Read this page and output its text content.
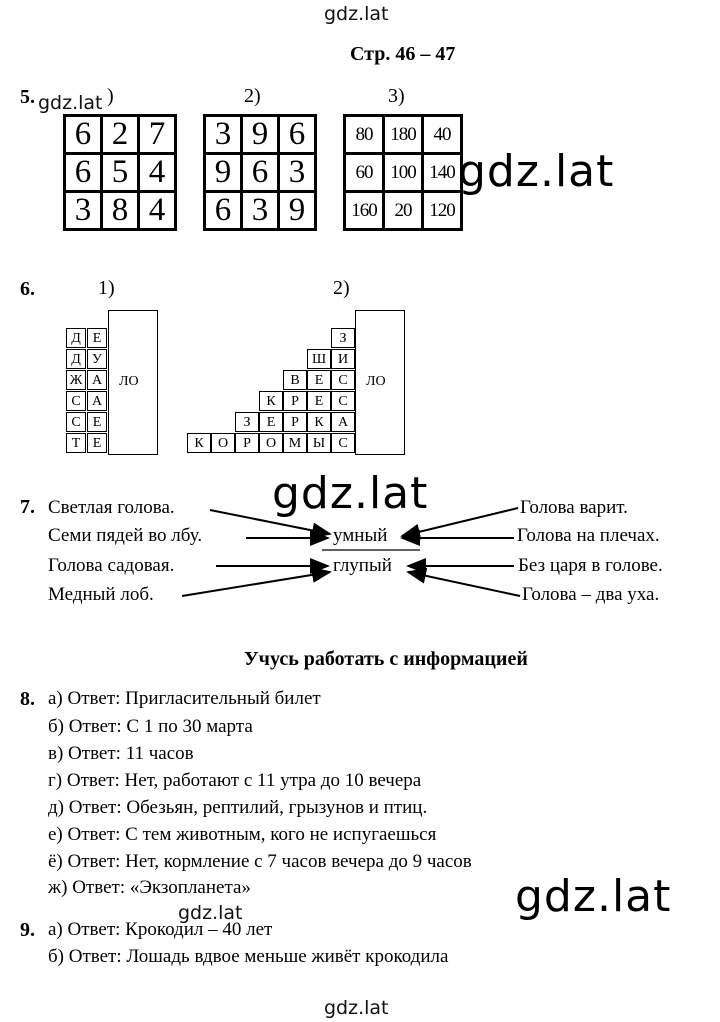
gdz.lat
gdz.lat
gdz.lat
gdz.lat
gdz.lat
gdz.lat
gdz.lat
Стр. 46 – 47
5.	)	2)	3)
6	2	7
6	5	4
3	8	4
3	9	6
9	6	3
6	3	9
80	180	40
60	100	140
160	20	120
6.	1)	2)
ЛО
Д Е
Д У
Ж А
С А
С Е
Т Е
ЛО
З
Ш И
В	Е	С
К	Р	Е	С
З	Е	Р	К	А
К	О	Р	О М Ы С
7. Светлая голова.
Семи пядей во лбу.
Голова садовая.
Медный лоб.
Голова варит.
Голова на плечах.
Без царя в голове.
Голова – два уха.
умный
глупый
Учусь работать с информацией
8. а) Ответ: Пригласительный билет
б) Ответ: С 1 по 30 марта
в) Ответ: 11 часов
г) Ответ: Нет, работают с 11 утра до 10 вечера
д) Ответ: Обезьян, рептилий, грызунов и птиц.
е) Ответ: С тем животным, кого не испугаешься
ё) Ответ: Нет, кормление с 7 часов вечера до 9 часов
ж) Ответ: «Экзопланета»
9. а) Ответ: Крокодил – 40 лет
б) Ответ: Лошадь вдвое меньше живёт крокодила
